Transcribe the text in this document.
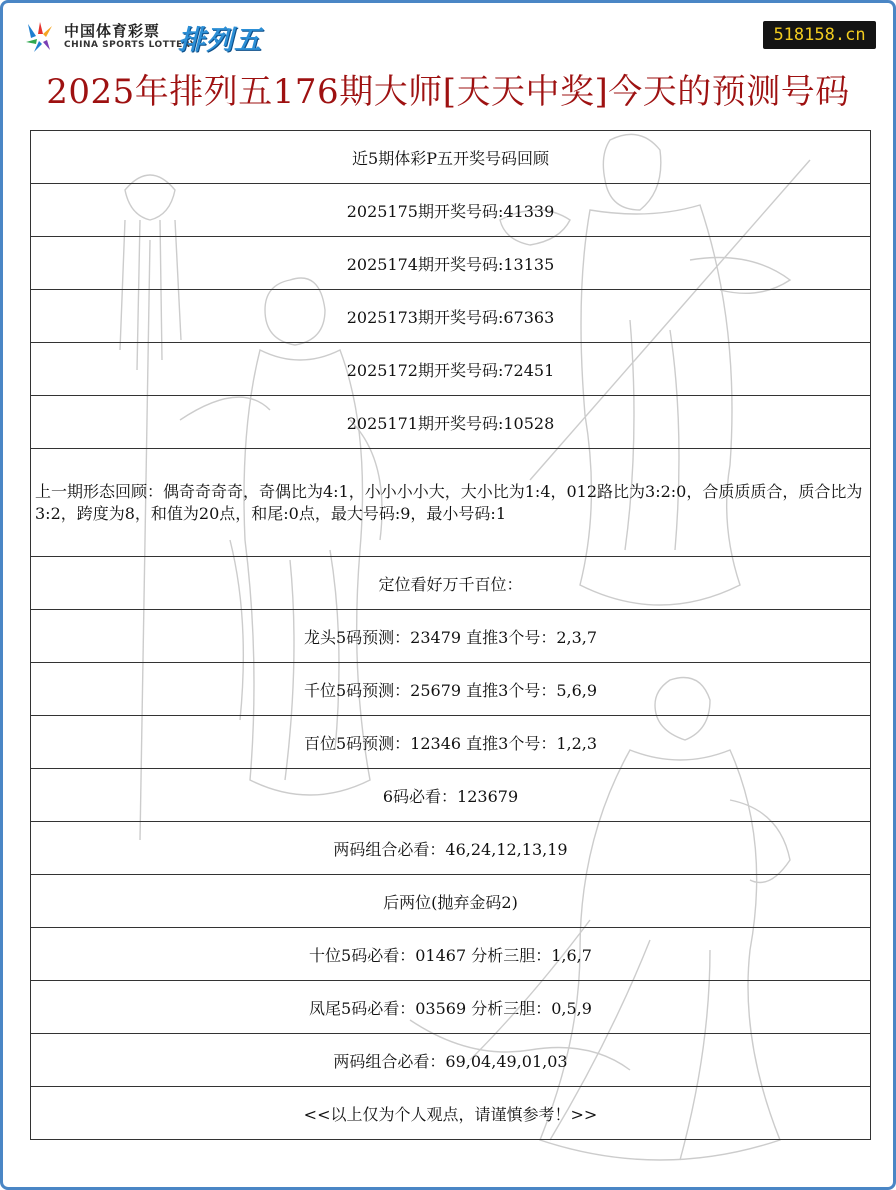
中国体育彩票
CHINA SPORTS LOTTERY
排列五	518158.cn
2025年排列五176期大师[天天中奖]今天的预测号码
近5期体彩P五开奖号码回顾
2025175期开奖号码:41339
2025174期开奖号码:13135
2025173期开奖号码:67363
2025172期开奖号码:72451
2025171期开奖号码:10528
上一期形态回顾：偶奇奇奇奇，奇偶比为4:1，小小小小大，大小比为1:4，012路比为3:2:0，合质质质合，质合比为3:2，跨度为8，和值为20点，和尾:0点，最大号码:9，最小号码:1
定位看好万千百位：
龙头5码预测：23479 直推3个号：2,3,7
千位5码预测：25679 直推3个号：5,6,9
百位5码预测：12346 直推3个号：1,2,3
6码必看：123679
两码组合必看：46,24,12,13,19
后两位(抛弃金码2)
十位5码必看：01467 分析三胆：1,6,7
凤尾5码必看：03569 分析三胆：0,5,9
两码组合必看：69,04,49,01,03
<<以上仅为个人观点，请谨慎参考！>>
